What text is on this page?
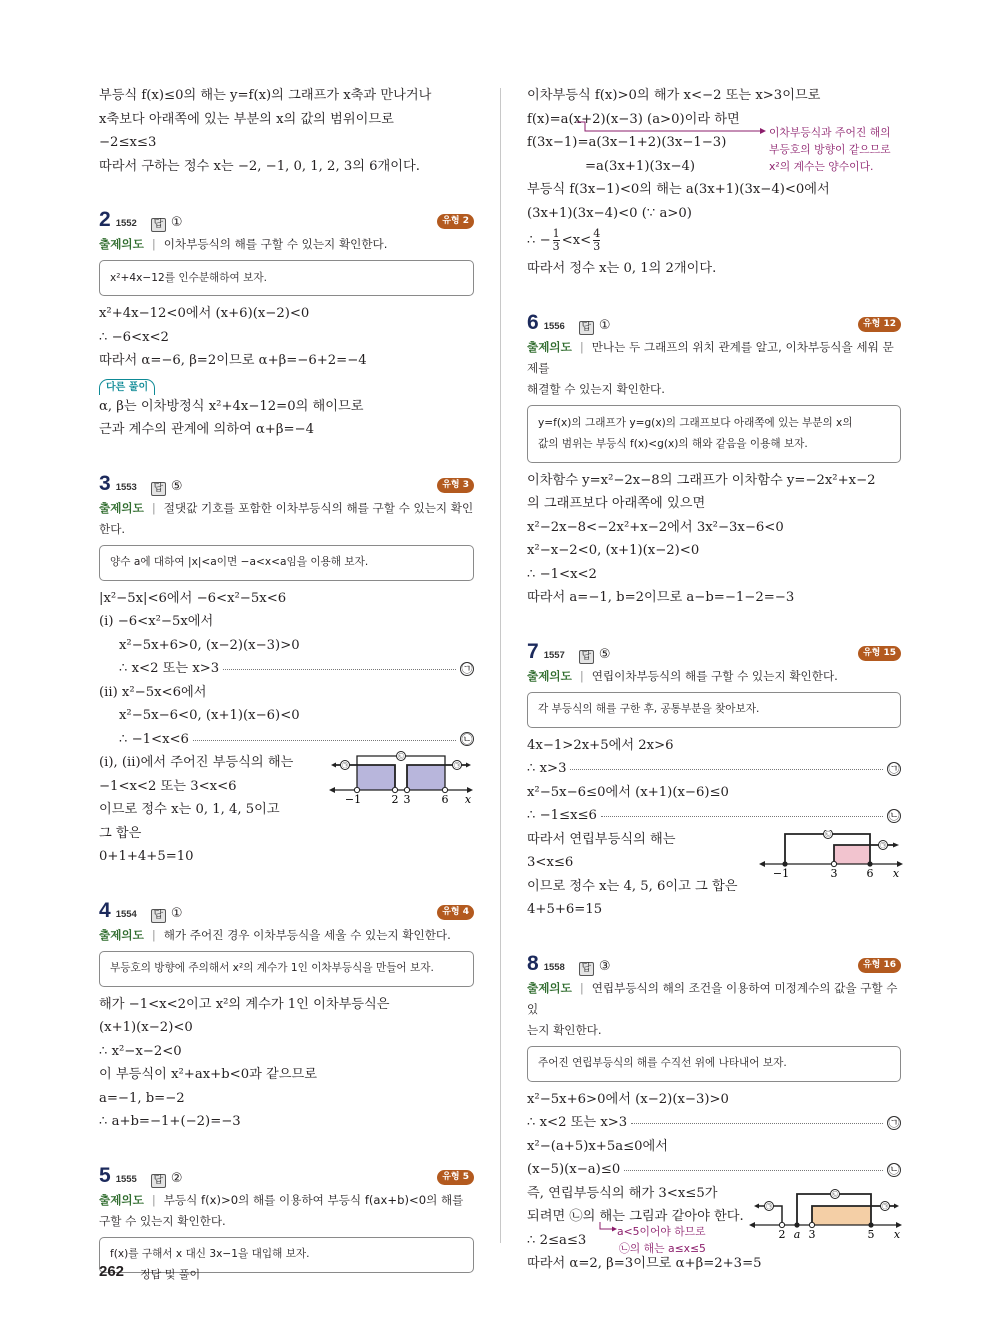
부등식 f(x)≤0의 해는 y=f(x)의 그래프가 x축과 만나거나
x축보다 아래쪽에 있는 부분의 x의 값의 범위이므로
−2≤x≤3
따라서 구하는 정수 x는 −2, −1, 0, 1, 2, 3의 6개이다.
2 1552 답 ①	유형 2
출제의도 | 이차부등식의 해를 구할 수 있는지 확인한다.
x²+4x−12를 인수분해하여 보자.
x²+4x−12<0에서 (x+6)(x−2)<0
∴ −6<x<2
따라서 α=−6, β=2이므로 α+β=−6+2=−4
다른 풀이
α, β는 이차방정식 x²+4x−12=0의 해이므로
근과 계수의 관계에 의하여 α+β=−4
3 1553 답 ⑤	유형 3
출제의도 | 절댓값 기호를 포함한 이차부등식의 해를 구할 수 있는지 확인한다.
양수 a에 대하여 |x|<a이면 −a<x<a임을 이용해 보자.
|x²−5x|<6에서 −6<x²−5x<6
(i) −6<x²−5x에서
x²−5x+6>0, (x−2)(x−3)>0
∴ x<2 또는 x>3	㉠
(ii) x²−5x<6에서
x²−5x−6<0, (x+1)(x−6)<0
∴ −1<x<6	㉡
(i), (ii)에서 주어진 부등식의 해는
−1<x<2 또는 3<x<6
이므로 정수 x는 0, 1, 4, 5이고
그 합은
0+1+4+5=10
㉠	㉠
㉡
−1	2 3	6 x
4 1554 답 ①	유형 4
출제의도 | 해가 주어진 경우 이차부등식을 세울 수 있는지 확인한다.
부등호의 방향에 주의해서 x²의 계수가 1인 이차부등식을 만들어 보자.
해가 −1<x<2이고 x²의 계수가 1인 이차부등식은
(x+1)(x−2)<0
∴ x²−x−2<0
이 부등식이 x²+ax+b<0과 같으므로
a=−1, b=−2
∴ a+b=−1+(−2)=−3
5 1555 답 ②	유형 5
출제의도 | 부등식 f(x)>0의 해를 이용하여 부등식 f(ax+b)<0의 해를
구할 수 있는지 확인한다.
f(x)를 구해서 x 대신 3x−1을 대입해 보자.
이차부등식 f(x)>0의 해가 x<−2 또는 x>3이므로
f(x)=a(x+2)(x−3) (a>0)이라 하면
f(3x−1)=a(3x−1+2)(3x−1−3)
=a(3x+1)(3x−4)
부등식 f(3x−1)<0의 해는 a(3x+1)(3x−4)<0에서
(3x+1)(3x−4)<0 (∵ a>0)
∴ − $\frac{1}{3} <x< \frac{4}{3}$
따라서 정수 x는 0, 1의 2개이다.
이차부등식과 주어진 해의
부등호의 방향이 같으므로
x²의 계수는 양수이다.
6 1556 답 ①	유형 12
출제의도 | 만나는 두 그래프의 위치 관계를 알고, 이차부등식을 세워 문제를
해결할 수 있는지 확인한다.
y=f(x)의 그래프가 y=g(x)의 그래프보다 아래쪽에 있는 부분의 x의
값의 범위는 부등식 f(x)<g(x)의 해와 같음을 이용해 보자.
이차함수 y=x²−2x−8의 그래프가 이차함수 y=−2x²+x−2
의 그래프보다 아래쪽에 있으면
x²−2x−8<−2x²+x−2에서 3x²−3x−6<0
x²−x−2<0, (x+1)(x−2)<0
∴ −1<x<2
따라서 a=−1, b=2이므로 a−b=−1−2=−3
7 1557 답 ⑤	유형 15
출제의도 | 연립이차부등식의 해를 구할 수 있는지 확인한다.
각 부등식의 해를 구한 후, 공통부분을 찾아보자.
4x−1>2x+5에서 2x>6
∴ x>3	㉠
x²−5x−6≤0에서 (x+1)(x−6)≤0
∴ −1≤x≤6	㉡
따라서 연립부등식의 해는
3<x≤6
이므로 정수 x는 4, 5, 6이고 그 합은
4+5+6=15
㉡
㉠
−1	3	6 x
8 1558 답 ③	유형 16
출제의도 | 연립부등식의 해의 조건을 이용하여 미정계수의 값을 구할 수 있
는지 확인한다.
주어진 연립부등식의 해를 수직선 위에 나타내어 보자.
x²−5x+6>0에서 (x−2)(x−3)>0
∴ x<2 또는 x>3	㉠
x²−(a+5)x+5a≤0에서
(x−5)(x−a)≤0	㉡
즉, 연립부등식의 해가 3<x≤5가
되려면 ㉡의 해는 그림과 같아야 한다.
∴ 2≤a≤3
따라서 α=2, β=3이므로 α+β=2+3=5
a<5이어야 하므로
㉡의 해는 a≤x≤5
㉠	㉠
㉡
2 a 3	5 x
262 정답 및 풀이
